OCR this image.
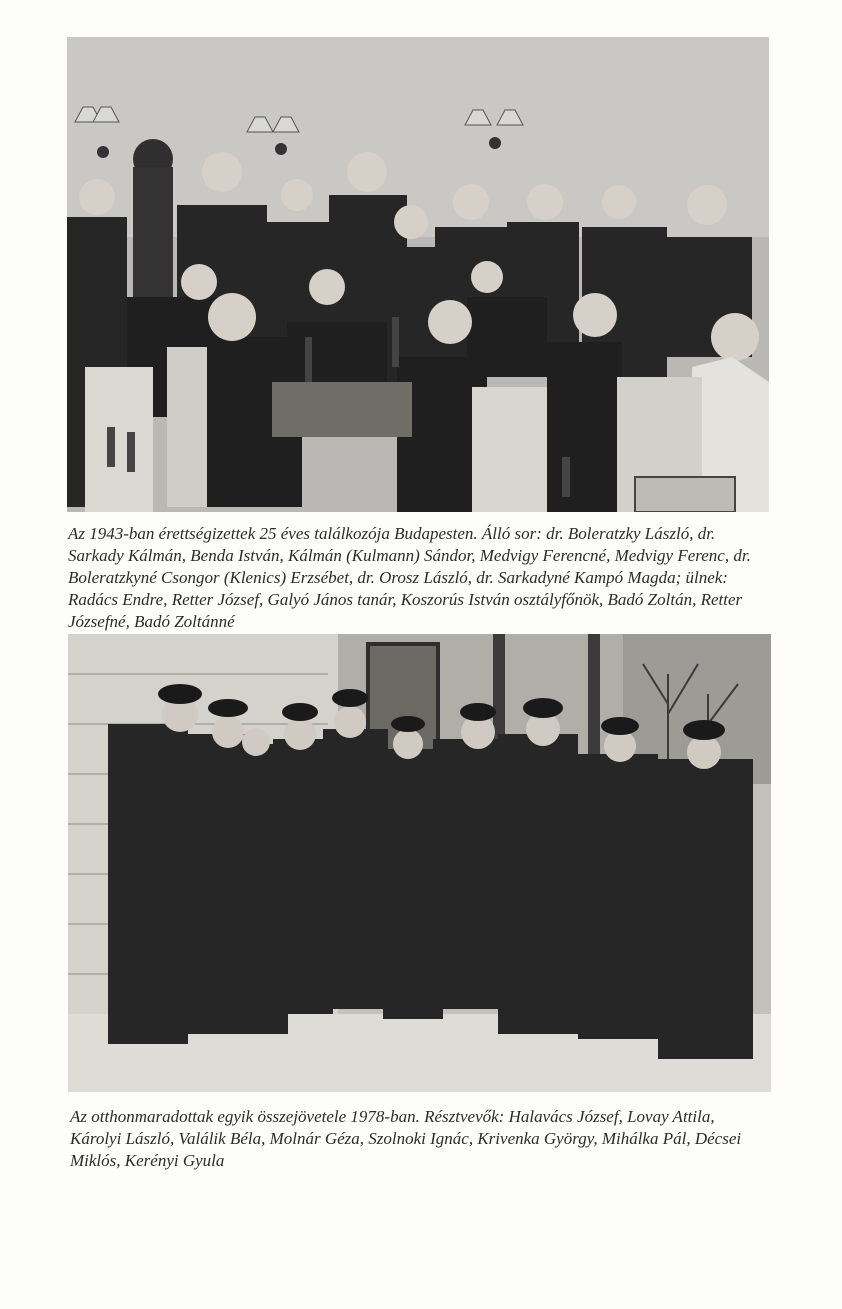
Az 1943-ban érettségizettek 25 éves találkozója Budapesten. Álló sor: dr. Boleratzky László, dr. Sarkady Kálmán, Benda István, Kálmán (Kulmann) Sándor, Medvigy Ferencné, Medvigy Ferenc, dr. Boleratzkyné Csongor (Klenics) Erzsébet, dr. Orosz László, dr. Sarkadyné Kampó Magda; ülnek: Radács Endre, Retter József, Galyó János tanár, Koszorús István osztályfőnök, Badó Zoltán, Retter Józsefné, Badó Zoltánné

Az otthonmaradottak egyik összejövetele 1978-ban. Résztvevők: Halavács József, Lovay Attila, Károlyi László, Valálik Béla, Molnár Géza, Szolnoki Ignác, Krivenka György, Mihálka Pál, Décsei Miklós, Kerényi Gyula
